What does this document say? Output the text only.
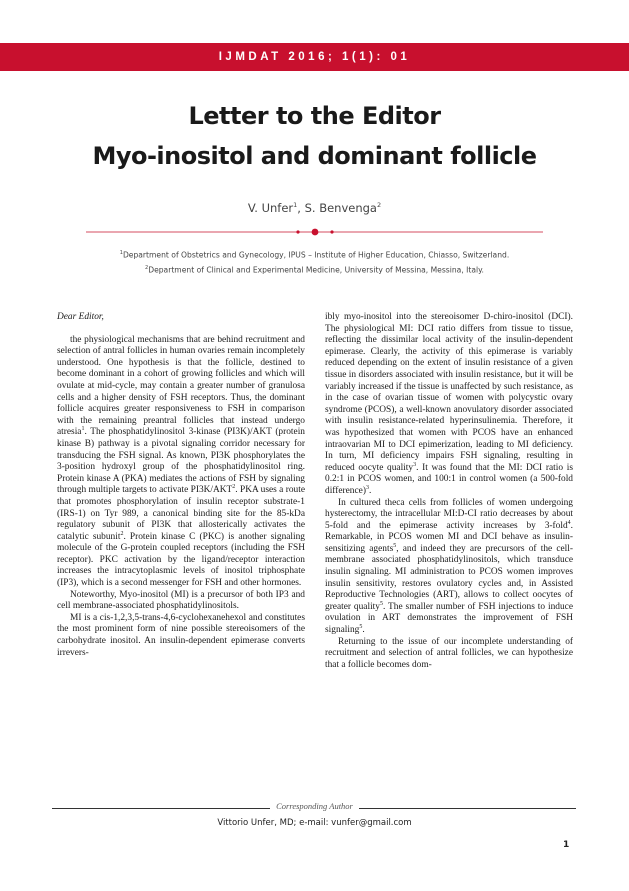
IJMDAT 2016; 1(1): 01
Letter to the Editor
Myo-inositol and dominant follicle
V. Unfer$^1$, S. Benvenga$^2$
$^1$Department of Obstetrics and Gynecology, IPUS – Institute of Higher Education, Chiasso, Switzerland.
$^2$Department of Clinical and Experimental Medicine, University of Messina, Messina, Italy.

Dear Editor,

the physiological mechanisms that are behind recruitment and selection of antral follicles in human ovaries remain incompletely understood. One hypothesis is that the follicle, destined to become dominant in a cohort of growing follicles and which will ovulate at mid-cycle, may contain a greater number of granulosa cells and a higher density of FSH receptors. Thus, the dominant follicle acquires greater responsiveness to FSH in comparison with the remaining preantral follicles that instead undergo atresia$^1$. The phosphatidylinositol 3-kinase (PI3K)/AKT (protein kinase B) pathway is a pivotal signaling corridor necessary for transducing the FSH signal. As known, PI3K phosphorylates the 3-position hydroxyl group of the phosphatidylinositol ring. Protein kinase A (PKA) mediates the actions of FSH by signaling through multiple targets to activate PI3K/AKT$^2$. PKA uses a route that promotes phosphorylation of insulin receptor substrate-1 (IRS-1) on Tyr 989, a canonical binding site for the 85-kDa regulatory subunit of PI3K that allosterically activates the catalytic subunit$^2$. Protein kinase C (PKC) is another signaling molecule of the G-protein coupled receptors (including the FSH receptor). PKC activation by the ligand/receptor interaction increases the intracytoplasmic levels of inositol triphosphate (IP3), which is a second messenger for FSH and other hormones.

Noteworthy, Myo-inositol (MI) is a precursor of both IP3 and cell membrane-associated phosphatidylinositols.

MI is a cis-1,2,3,5-trans-4,6-cyclohexanehexol and constitutes the most prominent form of nine possible stereoisomers of the carbohydrate inositol. An insulin-dependent epimerase converts irrevers-

ibly myo-inositol into the stereoisomer D-chiro-inositol (DCI). The physiological MI: DCI ratio differs from tissue to tissue, reflecting the dissimilar local activity of the insulin-dependent epimerase. Clearly, the activity of this epimerase is variably reduced depending on the extent of insulin resistance of a given tissue in disorders associated with insulin resistance, but it will be variably increased if the tissue is unaffected by such resistance, as in the case of ovarian tissue of women with polycystic ovary syndrome (PCOS), a well-known anovulatory disorder associated with insulin resistance-related hyperinsulinemia. Therefore, it was hypothesized that women with PCOS have an enhanced intraovarian MI to DCI epimerization, leading to MI deficiency. In turn, MI deficiency impairs FSH signaling, resulting in reduced oocyte quality$^3$. It was found that the MI: DCI ratio is 0.2:1 in PCOS women, and 100:1 in control women (a 500-fold difference)$^3$.

In cultured theca cells from follicles of women undergoing hysterectomy, the intracellular MI:D-CI ratio decreases by about 5-fold and the epimerase activity increases by 3-fold$^4$. Remarkable, in PCOS women MI and DCI behave as insulin-sensitizing agents$^5$, and indeed they are precursors of the cell-membrane associated phosphatidylinositols, which transduce insulin signaling. MI administration to PCOS women improves insulin sensitivity, restores ovulatory cycles and, in Assisted Reproductive Technologies (ART), allows to collect oocytes of greater quality$^5$. The smaller number of FSH injections to induce ovulation in ART demonstrates the improvement of FSH signaling$^5$.

Returning to the issue of our incomplete understanding of recruitment and selection of antral follicles, we can hypothesize that a follicle becomes dom-

Corresponding Author
Vittorio Unfer, MD; e-mail: vunfer@gmail.com
1
